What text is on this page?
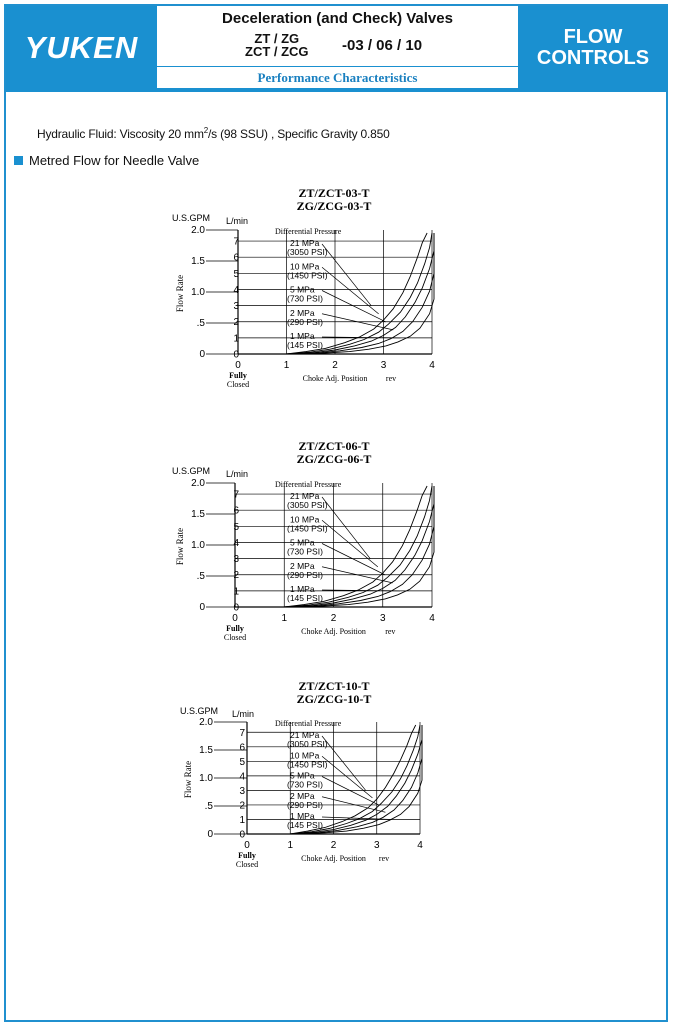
YUKEN
Deceleration (and Check) Valves
ZT / ZG
ZCT / ZCG -03 / 06 / 10
Performance Characteristics
FLOW
CONTROLS
Hydraulic Fluid: Viscosity 20 $mm^2/s$ (98 SSU) , Specific Gravity 0.850
Metred Flow for Needle Valve
ZT/ZCT-03-T
ZG/ZCG-03-T
U.S.GPM L/min
2.0
1.5
1.0
.5
0
7
6
5
4
3
2
1
0
0	1	2	3	4
Fully
Closed
Choke Adj. Position rev
Flow Rate
Differential Pressure
21 MPa
(3050 PSI)
10 MPa
(1450 PSI)
5 MPa
(730 PSI)
2 MPa
(290 PSI)
1 MPa
(145 PSI)
ZT/ZCT-06-T
ZG/ZCG-06-T
U.S.GPM L/min
2.0
1.5
1.0
.5
0
7
6
5
4
3
2
1
0
0	1	2	3	4
Fully
Closed
Choke Adj. Position rev
Flow Rate
Differential Pressure
21 MPa
(3050 PSI)
10 MPa
(1450 PSI)
5 MPa
(730 PSI)
2 MPa
(290 PSI)
1 MPa
(145 PSI)
ZT/ZCT-10-T
ZG/ZCG-10-T
U.S.GPM L/min
2.0
1.5
1.0
.5
0
7
6
5
4
3
2
1
0
0	1	2	3	4
Fully
Closed
Choke Adj. Position rev
Flow Rate
Differential Pressure
21 MPa
(3050 PSI)
10 MPa
(1450 PSI)
5 MPa
(730 PSI)
2 MPa
(290 PSI)
1 MPa
(145 PSI)
